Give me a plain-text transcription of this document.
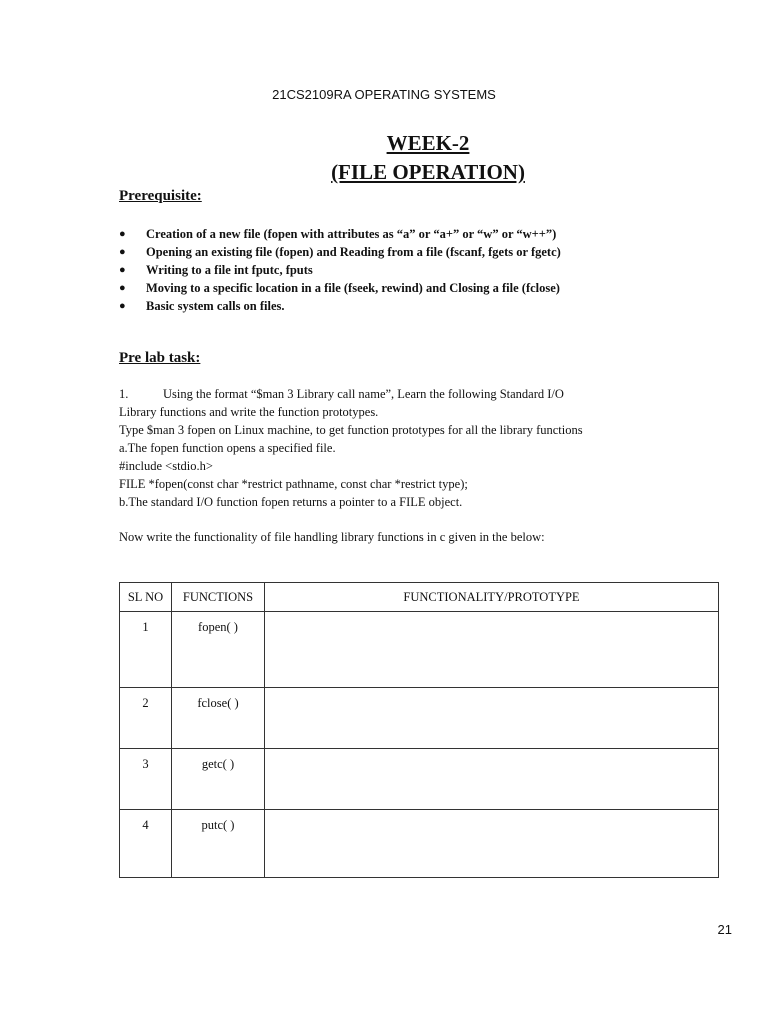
21CS2109RA OPERATING SYSTEMS
WEEK-2
(FILE OPERATION)
Prerequisite:
● Creation of a new file (fopen with attributes as “a” or “a+” or “w” or “w++”)
● Opening an existing file (fopen) and Reading from a file (fscanf, fgets or fgetc)
● Writing to a file int fputc, fputs
● Moving to a specific location in a file (fseek, rewind) and Closing a file (fclose)
● Basic system calls on files.
Pre lab task:
1.	Using the format “$man 3 Library call name”, Learn the following Standard I/O
Library functions and write the function prototypes.
Type $man 3 fopen on Linux machine, to get function prototypes for all the library functions
a.The fopen function opens a specified file.
#include <stdio.h>
FILE *fopen(const char *restrict pathname, const char *restrict type);
b.The standard I/O function fopen returns a pointer to a FILE object.
Now write the functionality of file handling library functions in c given in the below:
SL NO	FUNCTIONS	FUNCTIONALITY/PROTOTYPE
1	fopen( )	
2	fclose( )	
3	getc( )	
4	putc( )	
21
